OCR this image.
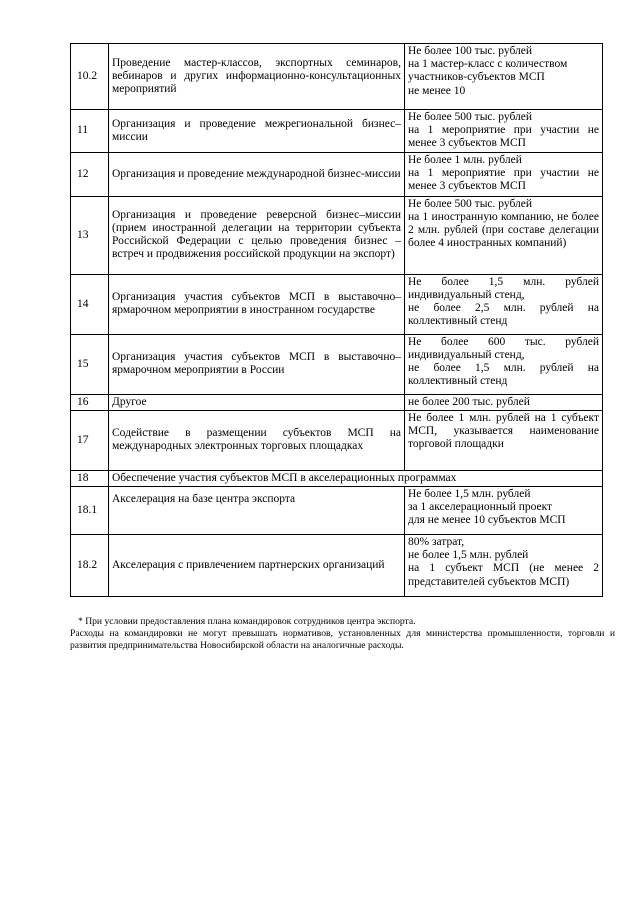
10.2	Проведение мастер-классов, экспортных семинаров, вебинаров и других информационно-консультационных мероприятий	Не более 100 тыс. рублей
на 1 мастер-класс с количеством
участников-субъектов МСП
не менее 10

11	Организация и проведение межрегиональной бизнес–миссии	Не более 500 тыс. рублей
на 1 мероприятие при участии не менее 3 субъектов МСП

12	Организация и проведение международной бизнес-миссии	Не более 1 млн. рублей
на 1 мероприятие при участии не менее 3 субъектов МСП

13	Организация и проведение реверсной бизнес–миссии (прием иностранной делегации на территории субъекта Российской Федерации с целью проведения бизнес – встреч и продвижения российской продукции на экспорт)	Не более 500 тыс. рублей
на 1 иностранную компанию, не более 2 млн. рублей (при составе делегации более 4 иностранных компаний)

14	Организация участия субъектов МСП в выставочно–ярмарочном мероприятии в иностранном государстве	Не более 1,5 млн. рублей индивидуальный стенд,
не более 2,5 млн. рублей на коллективный стенд

15	Организация участия субъектов МСП в выставочно–ярмарочном мероприятии в России	Не более 600 тыс. рублей индивидуальный стенд,
не более 1,5 млн. рублей на коллективный стенд

16	Другое	не более 200 тыс. рублей

17	Содействие в размещении субъектов МСП на международных электронных торговых площадках	Не более 1 млн. рублей на 1 субъект МСП, указывается наименование торговой площадки

18	Обеспечение участия субъектов МСП в акселерационных программах	
18.1	Акселерация на базе центра экспорта	Не более 1,5 млн. рублей
за 1 акселерационный проект
для не менее 10 субъектов МСП

18.2	Акселерация с привлечением партнерских организаций	80% затрат,
не более 1,5 млн. рублей
на 1 субъект МСП (не менее 2 представителей субъектов МСП)
* При условии предоставления плана командировок сотрудников центра экспорта.
Расходы на командировки не могут превышать нормативов, установленных для министерства промышленности, торговли и развития предпринимательства Новосибирской области на аналогичные расходы.
